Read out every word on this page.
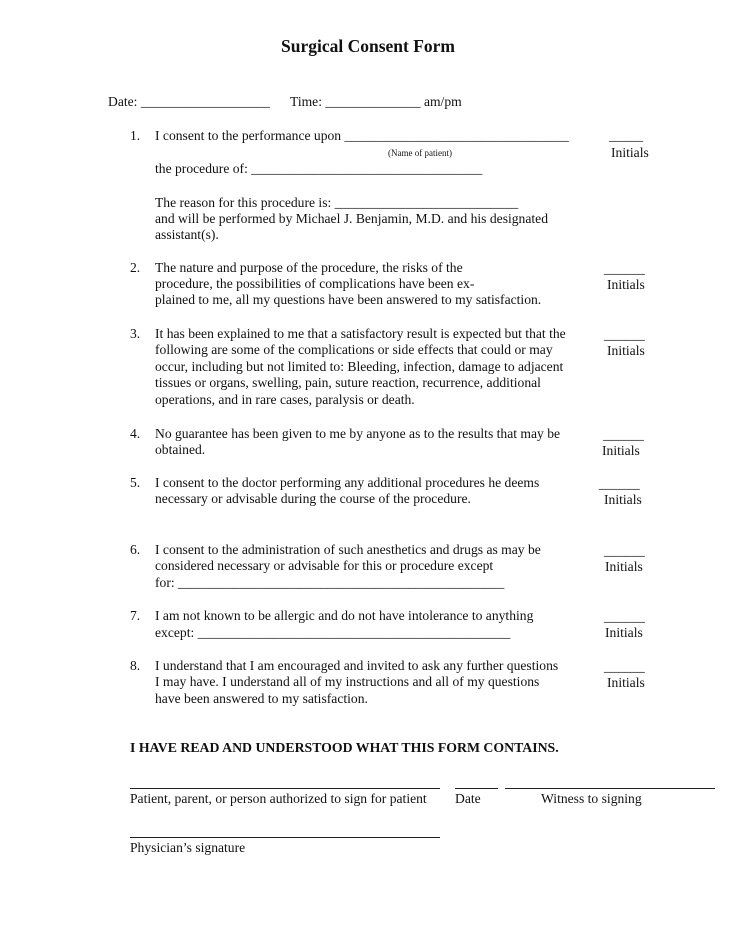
Surgical Consent Form
Date: ___________________ Time: ______________ am/pm
1. I consent to the performance upon _________________________________
(Name of patient)
the procedure of: __________________________________
The reason for this procedure is: ___________________________
and will be performed by Michael J. Benjamin, M.D. and his designated
assistant(s).
_____
Initials
2. The nature and purpose of the procedure, the risks of the
procedure, the possibilities of complications have been ex-
plained to me, all my questions have been answered to my satisfaction.
______
Initials
3. It has been explained to me that a satisfactory result is expected but that the
following are some of the complications or side effects that could or may
occur, including but not limited to: Bleeding, infection, damage to adjacent
tissues or organs, swelling, pain, suture reaction, recurrence, additional
operations, and in rare cases, paralysis or death.
______
Initials
4. No guarantee has been given to me by anyone as to the results that may be
obtained.
______
Initials
5. I consent to the doctor performing any additional procedures he deems
necessary or advisable during the course of the procedure.
______
Initials
6. I consent to the administration of such anesthetics and drugs as may be
considered necessary or advisable for this or procedure except
for: ________________________________________________
______
Initials
7. I am not known to be allergic and do not have intolerance to anything
except: ______________________________________________
______
Initials
8. I understand that I am encouraged and invited to ask any further questions
I may have. I understand all of my instructions and all of my questions
have been answered to my satisfaction.
______
Initials
I HAVE READ AND UNDERSTOOD WHAT THIS FORM CONTAINS.
Patient, parent, or person authorized to sign for patient Date	Witness to signing
Physician’s signature
